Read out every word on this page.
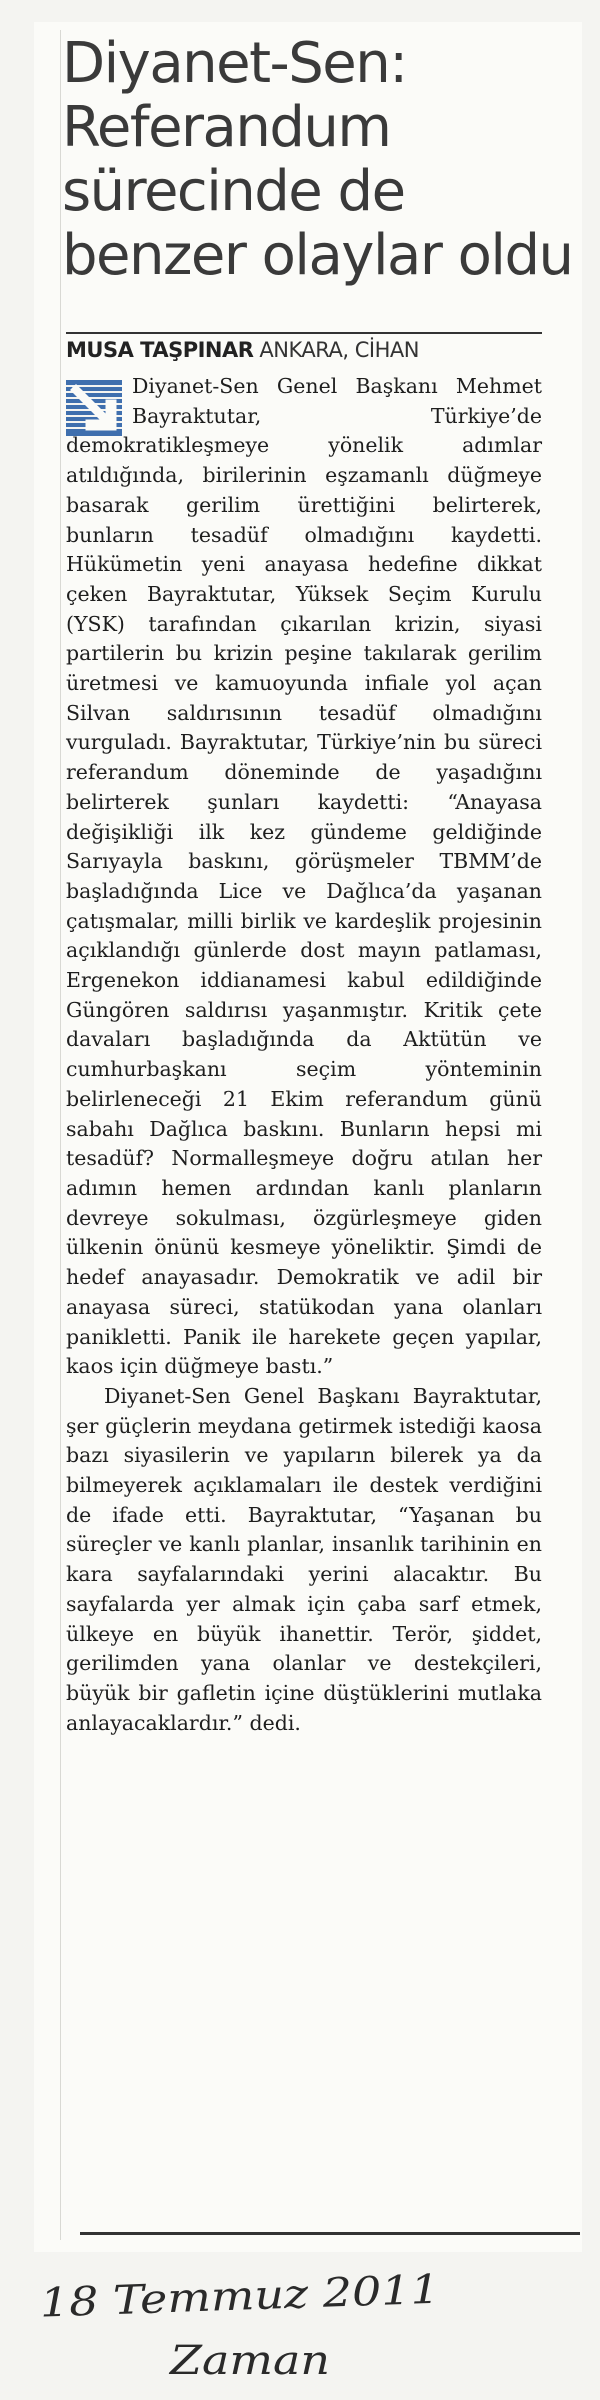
Diyanet-Sen:
Referandum
sürecinde de
benzer olaylar oldu
MUSA TAŞPINAR ANKARA, CİHAN

Diyanet-Sen Genel Başkanı Mehmet Bayraktutar, Türkiye’de demokratikleşmeye yönelik adımlar atıldığında, birilerinin eşzamanlı düğmeye basarak gerilim ürettiğini belirterek, bunların tesadüf olmadığını kaydetti. Hükümetin yeni anayasa hedefine dikkat çeken Bayraktutar, Yüksek Seçim Kurulu (YSK) tarafından çıkarılan krizin, siyasi partilerin bu krizin peşine takılarak gerilim üretmesi ve kamuoyunda infiale yol açan Silvan saldırısının tesadüf olmadığını vurguladı. Bayraktutar, Türkiye’nin bu süreci referandum döneminde de yaşadığını belirterek şunları kaydetti: “Anayasa değişikliği ilk kez gündeme geldiğinde Sarıyayla baskını, görüşmeler TBMM’de başladığında Lice ve Dağlıca’da yaşanan çatışmalar, milli birlik ve kardeşlik projesinin açıklandığı günlerde dost mayın patlaması, Ergenekon iddianamesi kabul edildiğinde Güngören saldırısı yaşanmıştır. Kritik çete davaları başladığında da Aktütün ve cumhurbaşkanı seçim yönteminin belirleneceği 21 Ekim referandum günü sabahı Dağlıca baskını. Bunların hepsi mi tesadüf? Normalleşmeye doğru atılan her adımın hemen ardından kanlı planların devreye sokulması, özgürleşmeye giden ülkenin önünü kesmeye yöneliktir. Şimdi de hedef anayasadır. Demokratik ve adil bir anayasa süreci, statükodan yana olanları panikletti. Panik ile harekete geçen yapılar, kaos için düğmeye bastı.”

Diyanet-Sen Genel Başkanı Bayraktutar, şer güçlerin meydana getirmek istediği kaosa bazı siyasilerin ve yapıların bilerek ya da bilmeyerek açıklamaları ile destek verdiğini de ifade etti. Bayraktutar, “Yaşanan bu süreçler ve kanlı planlar, insanlık tarihinin en kara sayfalarındaki yerini alacaktır. Bu sayfalarda yer almak için çaba sarf etmek, ülkeye en büyük ihanettir. Terör, şiddet, gerilimden yana olanlar ve destekçileri, büyük bir gafletin içine düştüklerini mutlaka anlayacaklardır.” dedi.

18 Temmuz 2011
Zaman
